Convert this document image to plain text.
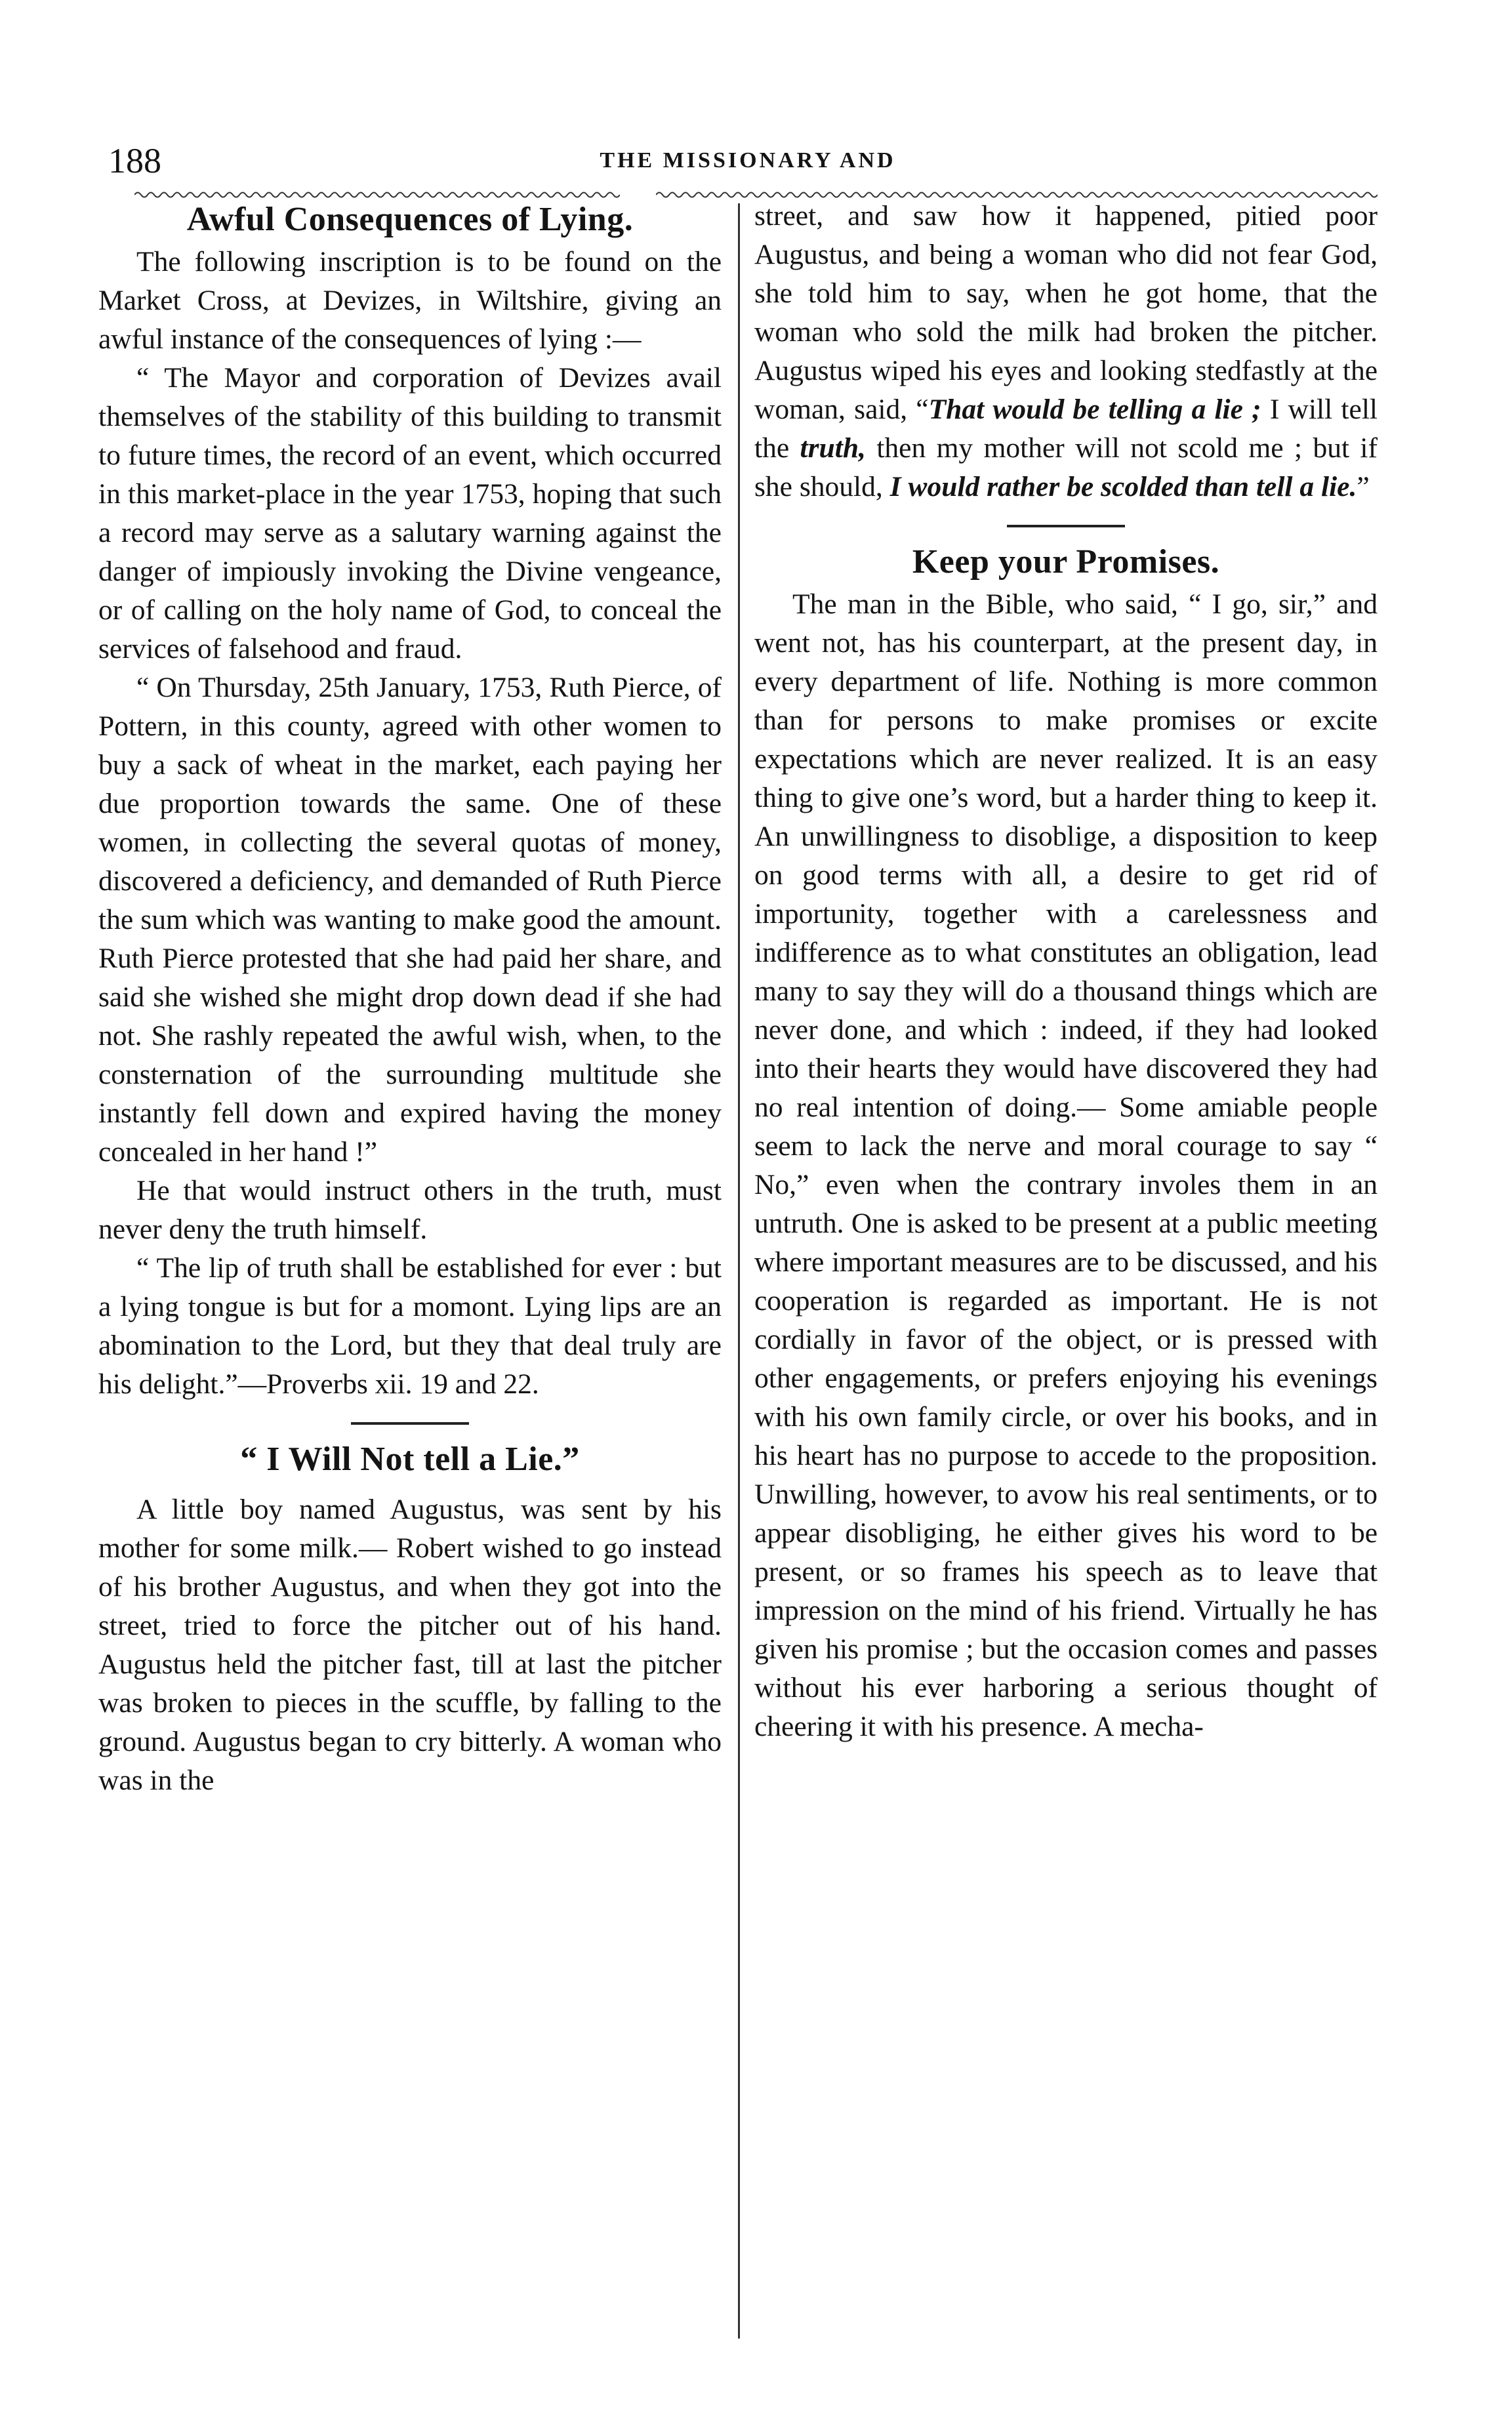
188	THE MISSIONARY AND
Awful Consequences of Lying.

The following inscription is to be found on the Market Cross, at Devizes, in Wiltshire, giving an awful instance of the consequences of lying :—

“ The Mayor and corporation of Devizes avail themselves of the stability of this building to transmit to future times, the record of an event, which occurred in this market-place in the year 1753, hoping that such a record may serve as a salutary warning against the danger of impiously invoking the Divine vengeance, or of calling on the holy name of God, to conceal the services of falsehood and fraud.

“ On Thursday, 25th January, 1753, Ruth Pierce, of Pottern, in this county, agreed with other women to buy a sack of wheat in the market, each paying her due proportion towards the same. One of these women, in collecting the several quotas of money, discovered a deficiency, and demanded of Ruth Pierce the sum which was wanting to make good the amount. Ruth Pierce protested that she had paid her share, and said she wished she might drop down dead if she had not. She rashly repeated the awful wish, when, to the consternation of the surrounding multitude she instantly fell down and expired having the money concealed in her hand !”

He that would instruct others in the truth, must never deny the truth himself.

“ The lip of truth shall be established for ever : but a lying tongue is but for a momont. Lying lips are an abomination to the Lord, but they that deal truly are his delight.”—Proverbs xii. 19 and 22.

“ I Will Not tell a Lie.”

A little boy named Augustus, was sent by his mother for some milk.— Robert wished to go instead of his brother Augustus, and when they got into the street, tried to force the pitcher out of his hand. Augustus held the pitcher fast, till at last the pitcher was broken to pieces in the scuffle, by falling to the ground. Augustus began to cry bitterly. A woman who was in the

street, and saw how it happened, pitied poor Augustus, and being a woman who did not fear God, she told him to say, when he got home, that the woman who sold the milk had broken the pitcher. Augustus wiped his eyes and looking stedfastly at the woman, said, “That would be telling a lie ; I will tell the truth, then my mother will not scold me ; but if she should, I would rather be scolded than tell a lie.”

Keep your Promises.

The man in the Bible, who said, “ I go, sir,” and went not, has his counterpart, at the present day, in every department of life. Nothing is more common than for persons to make promises or excite expectations which are never realized. It is an easy thing to give one’s word, but a harder thing to keep it. An unwillingness to disoblige, a disposition to keep on good terms with all, a desire to get rid of importunity, together with a carelessness and indifference as to what constitutes an obligation, lead many to say they will do a thousand things which are never done, and which : indeed, if they had looked into their hearts they would have discovered they had no real intention of doing.— Some amiable people seem to lack the nerve and moral courage to say “ No,” even when the contrary involes them in an untruth. One is asked to be present at a public meeting where important measures are to be discussed, and his cooperation is regarded as important. He is not cordially in favor of the object, or is pressed with other engagements, or prefers enjoying his evenings with his own family circle, or over his books, and in his heart has no purpose to accede to the proposition. Unwilling, however, to avow his real sentiments, or to appear disobliging, he either gives his word to be present, or so frames his speech as to leave that impression on the mind of his friend. Virtually he has given his promise ; but the occasion comes and passes without his ever harboring a serious thought of cheering it with his presence. A mecha-
